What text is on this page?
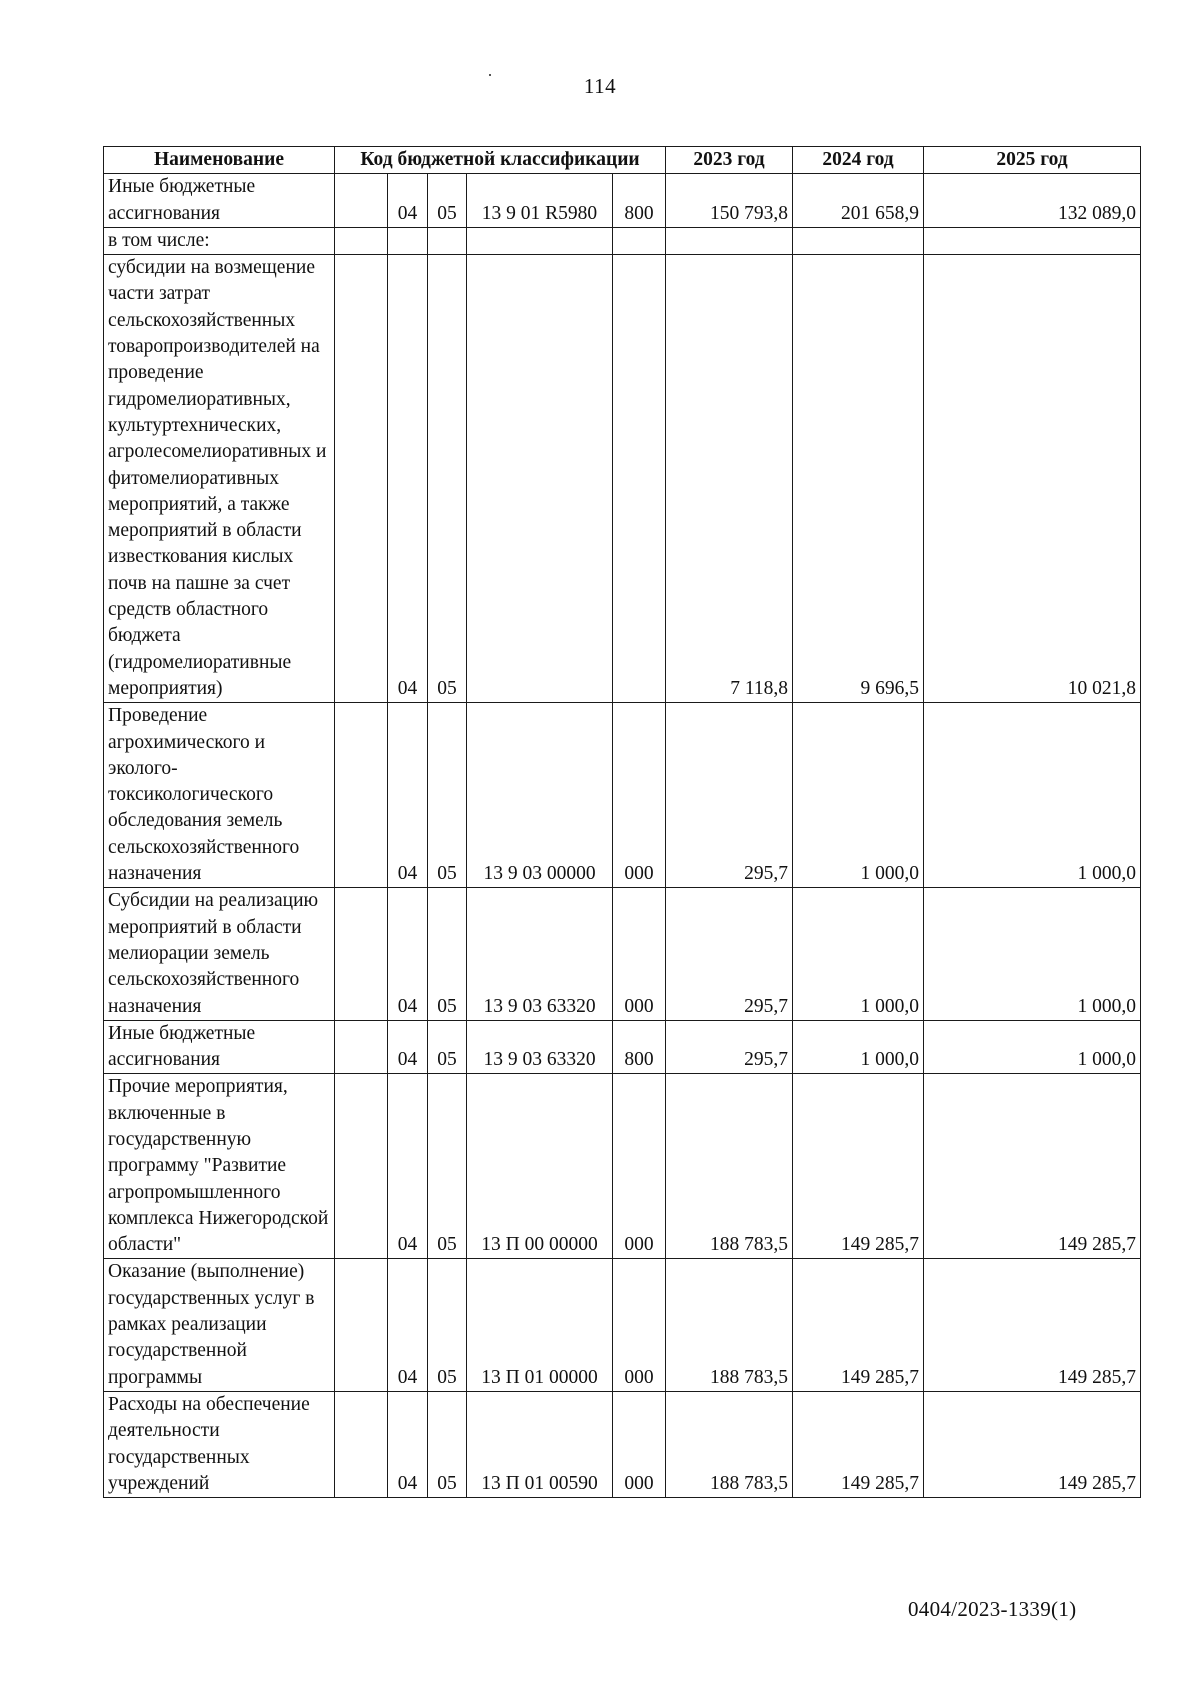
114
Наименование	Код бюджетной классификации					2023 год	2024 год	2025 год
Иные бюджетные ассигнования		04	05	13 9 01 R5980	800	150 793,8	201 658,9	132 089,0
в том числе:								
субсидии на возмещение части затрат сельскохозяйственных товаропроизводителей на проведение гидромелиоративных, культуртехнических, агролесомелиоративных и фитомелиоративных мероприятий, а также мероприятий в области известкования кислых почв на пашне за счет средств областного бюджета (гидромелиоративные мероприятия)		04	05			7 118,8	9 696,5	10 021,8
Проведение агрохимического и эколого-токсикологического обследования земель сельскохозяйственного назначения		04	05	13 9 03 00000	000	295,7	1 000,0	1 000,0
Субсидии на реализацию мероприятий в области мелиорации земель сельскохозяйственного назначения		04	05	13 9 03 63320	000	295,7	1 000,0	1 000,0
Иные бюджетные ассигнования		04	05	13 9 03 63320	800	295,7	1 000,0	1 000,0
Прочие мероприятия, включенные в государственную программу "Развитие агропромышленного комплекса Нижегородской области"		04	05	13 П 00 00000	000	188 783,5	149 285,7	149 285,7
Оказание (выполнение) государственных услуг в рамках реализации государственной программы		04	05	13 П 01 00000	000	188 783,5	149 285,7	149 285,7
Расходы на обеспечение деятельности государственных учреждений		04	05	13 П 01 00590	000	188 783,5	149 285,7	149 285,7
0404/2023-1339(1)
